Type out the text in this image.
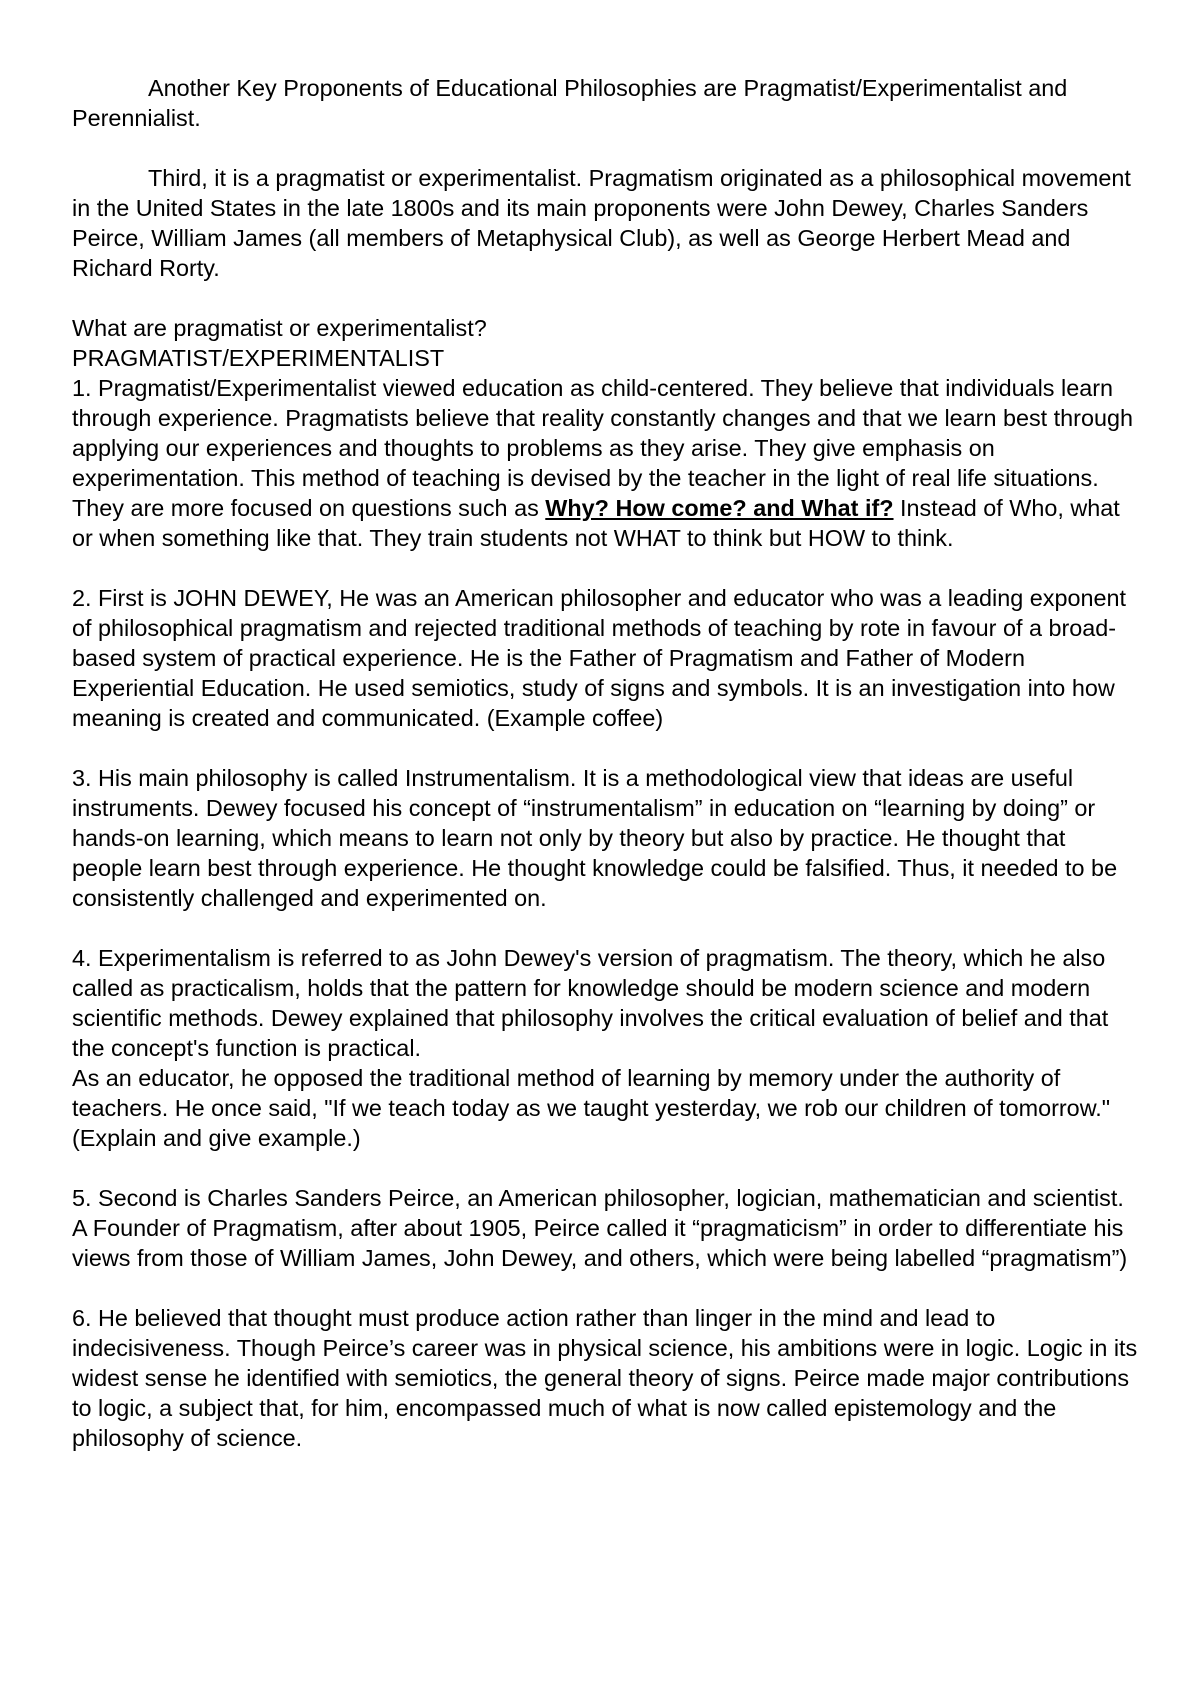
Another Key Proponents of Educational Philosophies are Pragmatist/Experimentalist and Perennialist.

Third, it is a pragmatist or experimentalist. Pragmatism originated as a philosophical movement in the United States in the late 1800s and its main proponents were John Dewey, Charles Sanders Peirce, William James (all members of Metaphysical Club), as well as George Herbert Mead and Richard Rorty.

What are pragmatist or experimentalist?

PRAGMATIST/EXPERIMENTALIST

1. Pragmatist/Experimentalist viewed education as child-centered. They believe that individuals learn through experience. Pragmatists believe that reality constantly changes and that we learn best through applying our experiences and thoughts to problems as they arise. They give emphasis on experimentation. This method of teaching is devised by the teacher in the light of real life situations. They are more focused on questions such as Why? How come? and What if? Instead of Who, what or when something like that. They train students not WHAT to think but HOW to think.

2. First is JOHN DEWEY, He was an American philosopher and educator who was a leading exponent of philosophical pragmatism and rejected traditional methods of teaching by rote in favour of a broad-based system of practical experience. He is the Father of Pragmatism and Father of Modern Experiential Education. He used semiotics, study of signs and symbols. It is an investigation into how meaning is created and communicated. (Example coffee)

3. His main philosophy is called Instrumentalism. It is a methodological view that ideas are useful instruments. Dewey focused his concept of “instrumentalism” in education on “learning by doing” or hands-on learning, which means to learn not only by theory but also by practice. He thought that people learn best through experience. He thought knowledge could be falsified. Thus, it needed to be consistently challenged and experimented on.

4. Experimentalism is referred to as John Dewey's version of pragmatism. The theory, which he also called as practicalism, holds that the pattern for knowledge should be modern science and modern scientific methods. Dewey explained that philosophy involves the critical evaluation of belief and that the concept's function is practical.

As an educator, he opposed the traditional method of learning by memory under the authority of teachers. He once said, "If we teach today as we taught yesterday, we rob our children of tomorrow." (Explain and give example.)

5. Second is Charles Sanders Peirce, an American philosopher, logician, mathematician and scientist. A Founder of Pragmatism, after about 1905, Peirce called it “pragmaticism” in order to differentiate his views from those of William James, John Dewey, and others, which were being labelled “pragmatism”)

6. He believed that thought must produce action rather than linger in the mind and lead to indecisiveness. Though Peirce’s career was in physical science, his ambitions were in logic. Logic in its widest sense he identified with semiotics, the general theory of signs. Peirce made major contributions to logic, a subject that, for him, encompassed much of what is now called epistemology and the philosophy of science.
